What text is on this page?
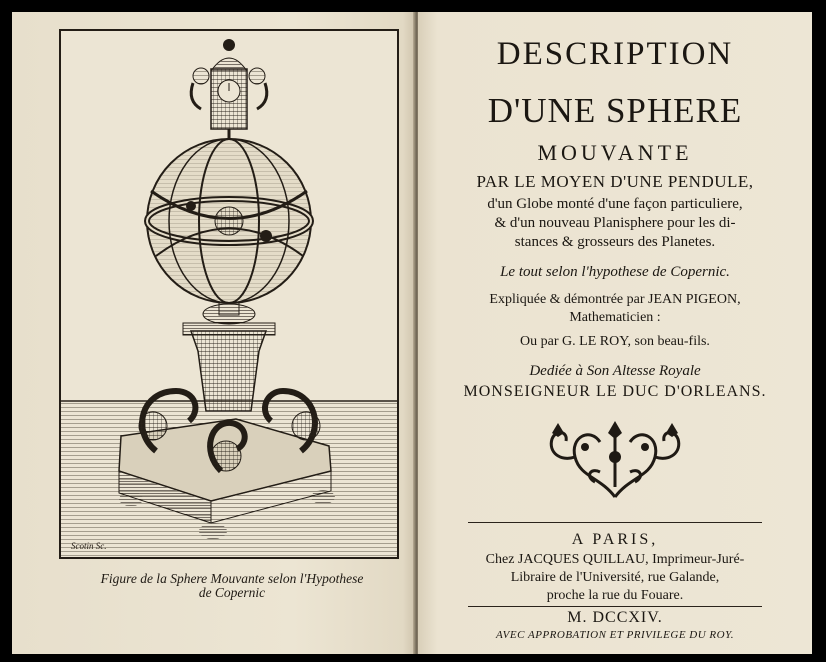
Scotin Sc.
Figure de la Sphere Mouvante selon l'Hypothese
de Copernic
DESCRIPTION
D'UNE SPHERE
MOUVANTE
PAR LE MOYEN D'UNE PENDULE,
d'un Globe monté d'une façon particuliere,
& d'un nouveau Planisphere pour les di-
stances & grosseurs des Planetes.
Le tout selon l'hypothese de Copernic.
Expliquée & démontrée par JEAN PIGEON,
Mathematicien :
Ou par G. LE ROY, son beau-fils.
Dediée à Son Altesse Royale
MONSEIGNEUR LE DUC D'ORLEANS.
A PARIS,
Chez JACQUES QUILLAU, Imprimeur-Juré-
Libraire de l'Université, rue Galande,
proche la rue du Fouare.
M. DCCXIV.
AVEC APPROBATION ET PRIVILEGE DU ROY.
